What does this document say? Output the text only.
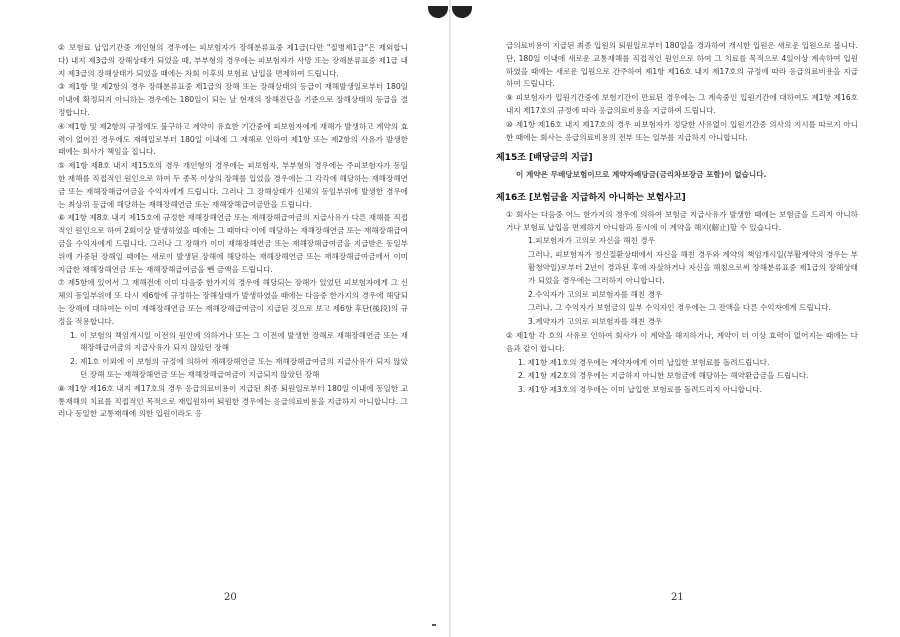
② 보험료 납입기간중 개인형의 경우에는 피보험자가 장해분류표중 제1급(다만 "질병제1급"은 제외합니다) 내지 제3급의 장해상태가 되었을 때, 부부형의 경우에는 피보험자가 사망 또는 장해분류표중 제1급 내지 제3급의 장해상태가 되었을 때에는 차회 이후의 보험료 납입을 면제하여 드립니다.

③ 제1항 및 제2항의 경우 장해분류표중 제1급의 장해 또는 장해상태의 등급이 재해발생일로부터 180일이내에 확정되지 아니하는 경우에는 180일이 되는 날 현재의 장해진단을 기준으로 장해상태의 등급을 결정합니다.

④ 제1항 및 제2항의 규정에도 불구하고 계약이 유효한 기간중에 피보험자에게 재해가 발생하고 계약의 효력이 없어진 경우에도 재해일로부터 180일 이내에 그 재해로 인하여 제1항 또는 제2항의 사유가 발생한 때에는 회사가 책임을 집니다.

⑤ 제1항 제8호 내지 제15호의 경우 개인형의 경우에는 피보험자, 부부형의 경우에는 주피보험자가 동일한 재해를 직접적인 원인으로 하여 두 종목 이상의 장해를 입었을 경우에는 그 각각에 해당하는 재해장해연금 또는 재해장해급여금을 수익자에게 드립니다. 그러나 그 장해상태가 신체의 동일부위에 발생한 경우에는 최상위 등급에 해당하는 재해장해연금 또는 재해장해급여금만을 드립니다.

⑥ 제1항 제8호 내지 제15호에 규정한 재해장해연금 또는 재해장해급여금의 지급사유가 다른 재해를 직접적인 원인으로 하여 2회이상 발생하였을 때에는 그 때마다 이에 해당하는 재해장해연금 또는 재해장해급여금을 수익자에게 드립니다. 그러나 그 장해가 이미 재해장해연금 또는 재해장해급여금을 지급받은 동일부위에 가중된 장해일 때에는 새로이 발생된 장해에 해당하는 재해장해연금 또는 재해장해급여금에서 이미 지급한 재해장해연금 또는 재해장해급여금을 뺀 금액을 드립니다.

⑦ 제5항에 있어서 그 재해전에 이미 다음중 한가지의 경우에 해당되는 장해가 있었던 피보험자에게 그 신체의 동일부위에 또 다시 제6항에 규정하는 장해상태가 발생하였을 때에는 다음중 한가지의 경우에 해당되는 장해에 대하여는 이미 재해장해연금 또는 재해장해급여금이 지급된 것으로 보고 제6항 후단(後段)의 규정을 적용합니다.

1. 이 보험의 책임개시일 이전의 원인에 의하거나 또는 그 이전에 발생한 장해로 재해장해연금 또는 재해장해급여금의 지급사유가 되지 않았던 장해

2. 제1호 이외에 이 보험의 규정에 의하여 재해장해연금 또는 재해장해급여금의 지급사유가 되지 않았던 장해 또는 재해장해연금 또는 재해장해급여금이 지급되지 않았던 장해

⑧ 제1항 제16호 내지 제17호의 경우 응급의료비용이 지급된 최종 퇴원일로부터 180일 이내에 동일한 교통재해의 치료를 직접적인 목적으로 재입원하여 퇴원한 경우에는 응급의료비용을 지급하지 아니합니다. 그러나 동일한 교통재해에 의한 입원이라도 응

20

급의료비용이 지급된 최종 입원의 퇴원일로부터 180일을 경과하여 개시한 입원은 새로운 입원으로 봅니다. 단, 180일 이내에 새로운 교통재해를 직접적인 원인으로 하여 그 치료를 목적으로 4일이상 계속하여 입원하였을 때에는 새로운 입원으로 간주하여 제1항 제16호 내지 제17호의 규정에 따라 응급의료비용을 지급하여 드립니다.

⑨ 피보험자가 입원기간중에 보험기간이 만료된 경우에는 그 계속중인 입원기간에 대하여도 제1항 제16호 내지 제17호의 규정에 따라 응급의료비용을 지급하여 드립니다.

⑩ 제1항 제16호 내지 제17호의 경우 피보험자가 정당한 사유없이 입원기간중 의사의 지시를 따르지 아니한 때에는 회사는 응급의료비용의 전부 또는 일부를 지급하지 아니합니다.

제15조 [배당금의 지급]

이 계약은 무배당보험이므로 계약자배당금(금리차보장금 포함)이 없습니다.

제16조 [보험금을 지급하지 아니하는 보험사고]

① 회사는 다음중 어느 한가지의 경우에 의하여 보험금 지급사유가 발생한 때에는 보험금을 드리지 아니하거나 보험료 납입을 면제하지 아니함과 동시에 이 계약을 해지(解止)할 수 있습니다.

1.피보험자가 고의로 자신을 해친 경우

그러나, 피보험자가 정신질환상태에서 자신을 해친 경우와 계약의 책임개시일(부활계약의 경우는 부활청약일)로부터 2년이 경과된 후에 자살하거나 자신을 해침으로써 장해분류표중 제1급의 장해상태가 되었을 경우에는 그러하지 아니합니다.

2.수익자가 고의로 피보험자를 해친 경우

그러나, 그 수익자가 보험금의 일부 수익자인 경우에는 그 잔액을 다른 수익자에게 드립니다.

3.계약자가 고의로 피보험자를 해친 경우

② 제1항 각 호의 사유로 인하여 회사가 이 계약을 해지하거나, 계약이 더 이상 효력이 없어지는 때에는 다음과 같이 합니다.

1. 제1항 제1호의 경우에는 계약자에게 이미 납입한 보험료를 돌려드립니다.

2. 제1항 제2호의 경우에는 지급하지 아니한 보험금에 해당하는 해약환급금을 드립니다.

3. 제1항 제3호의 경우에는 이미 납입한 보험료를 돌려드리지 아니합니다.

21
